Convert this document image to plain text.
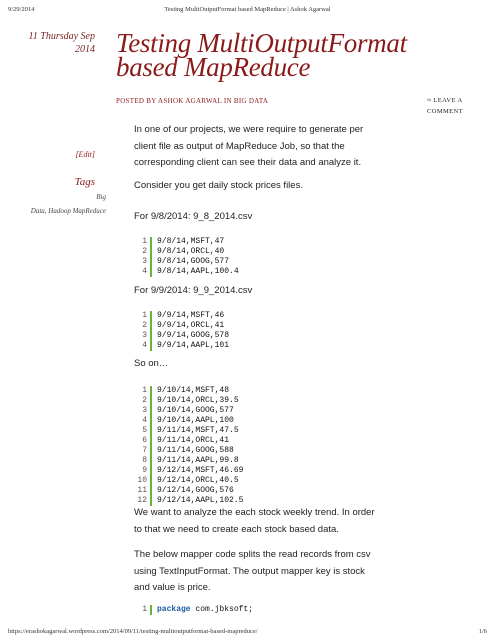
9/29/2014	Testing MultiOutputFormat based MapReduce | Ashok Agarwal
11 Thursday Sep
2014 Testing MultiOutputFormat
based MapReduce
POSTED BY ASHOK AGARWAL IN BIG DATA	≈ LEAVE A
COMMENT
[Edit]
Tags
Big
Data, Hadoop MapReduce
In one of our projects, we were require to generate per client file as output of MapReduce Job, so that the corresponding client can see their data and analyze it.
Consider you get daily stock prices files.
For 9/8/2014: 9_8_2014.csv
1	9/8/14,MSFT,47
2	9/8/14,ORCL,40
3	9/8/14,GOOG,577
4	9/8/14,AAPL,100.4
For 9/9/2014: 9_9_2014.csv
1	9/9/14,MSFT,46
2	9/9/14,ORCL,41
3	9/9/14,GOOG,578
4	9/9/14,AAPL,101
So on…
1	9/10/14,MSFT,48
2	9/10/14,ORCL,39.5
3	9/10/14,GOOG,577
4	9/10/14,AAPL,100
5	9/11/14,MSFT,47.5
6	9/11/14,ORCL,41
7	9/11/14,GOOG,588
8	9/11/14,AAPL,99.8
9	9/12/14,MSFT,46.69
10	9/12/14,ORCL,40.5
11	9/12/14,GOOG,576
12	9/12/14,AAPL,102.5
We want to analyze the each stock weekly trend. In order to that we need to create each stock based data.
The below mapper code splits the read records from csv using TextInputFormat. The output mapper key is stock and value is price.
1	package com.jbksoft;
https://erashokagarwal.wordpress.com/2014/09/11/testing-multioutputformat-based-mapreduce/	1/6
